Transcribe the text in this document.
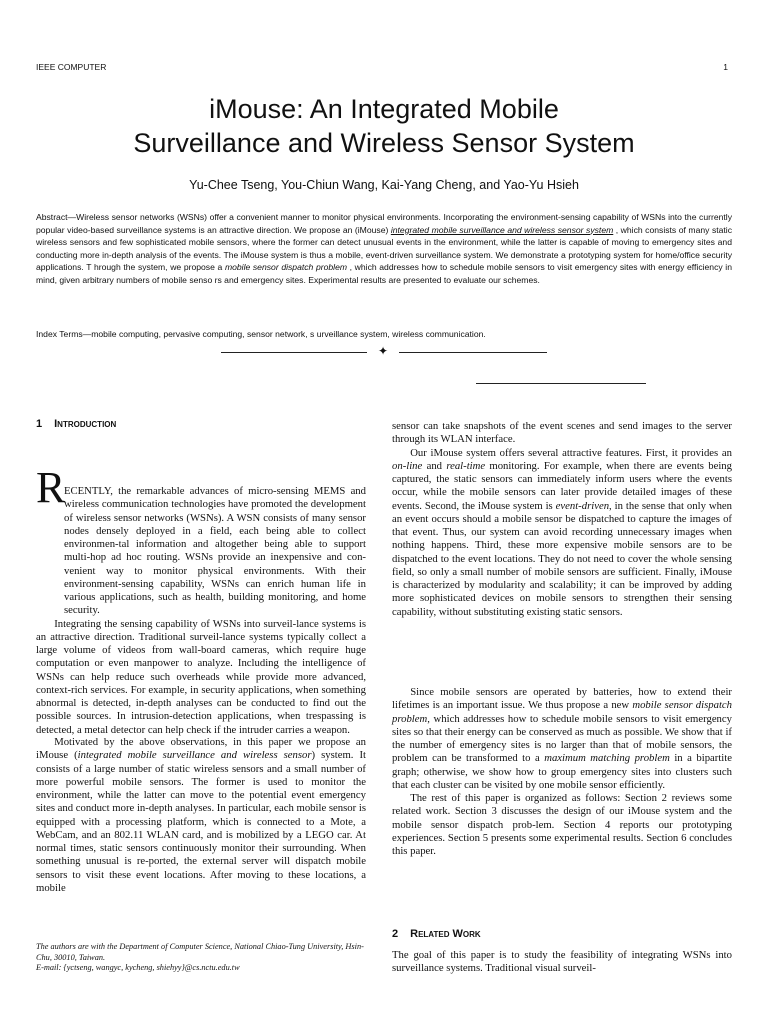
IEEE COMPUTER	1
iMouse: An Integrated Mobile
Surveillance and Wireless Sensor System
Yu-Chee Tseng, You-Chiun Wang, Kai-Yang Cheng, and Yao-Yu Hsieh
Abstract—Wireless sensor networks (WSNs) offer a convenient manner to monitor physical environments. Incorporating the environment-sensing capability of WSNs into the currently popular video-based surveillance systems is an attractive direction. We propose an (iMouse) integrated mobile surveillance and wireless sensor system , which consists of many static wireless sensors and few sophisticated mobile sensors, where the former can detect unusual events in the environment, while the latter is capable of moving to emergency sites and conducting more in-depth analysis of the events. The iMouse system is thus a mobile, event-driven surveillance system. We demonstrate a prototyping system for home/office security applications. T hrough the system, we propose a mobile sensor dispatch problem , which addresses how to schedule mobile sensors to visit emergency sites with energy efficiency in mind, given arbitrary numbers of mobile senso rs and emergency sites. Experimental results are presented to evaluate our schemes.
Index Terms—mobile computing, pervasive computing, sensor network, s urveillance system, wireless communication.
✦
1 Introduction
R

ECENTLY, the remarkable advances of micro-sensing MEMS and wireless communication technologies have promoted the development of wireless sensor networks (WSNs). A WSN consists of many sensor nodes densely deployed in a field, each being able to collect environmen-tal information and altogether being able to support multi-hop ad hoc routing. WSNs provide an inexpensive and con-venient way to monitor physical environments. With their environment-sensing capability, WSNs can enrich human life in various applications, such as health, building monitoring, and home security.

Integrating the sensing capability of WSNs into surveil-lance systems is an attractive direction. Traditional surveil-lance systems typically collect a large volume of videos from wall-board cameras, which require huge computation or even manpower to analyze. Including the intelligence of WSNs can help reduce such overheads while provide more advanced, context-rich services. For example, in security applications, when something abnormal is detected, in-depth analyses can be conducted to find out the possible sources. In intrusion-detection applications, when trespassing is detected, a metal detector can help check if the intruder carries a weapon.

Motivated by the above observations, in this paper we propose an iMouse (integrated mobile surveillance and wireless sensor) system. It consists of a large number of static wireless sensors and a small number of more powerful mobile sensors. The former is used to monitor the environment, while the latter can move to the potential event emergency sites and conduct more in-depth analyses. In particular, each mobile sensor is equipped with a processing platform, which is connected to a Mote, a WebCam, and an 802.11 WLAN card, and is mobilized by a LEGO car. At normal times, static sensors continuously monitor their surrounding. When something unusual is re-ported, the external server will dispatch mobile sensors to visit these event locations. After moving to these locations, a mobile

The authors are with the Department of Computer Science, National Chiao-Tung University, Hsin-Chu, 30010, Taiwan.
E-mail: {yctseng, wangyc, kycheng, shiehyy}@cs.nctu.edu.tw

sensor can take snapshots of the event scenes and send images to the server through its WLAN interface.

Our iMouse system offers several attractive features. First, it provides an on-line and real-time monitoring. For example, when there are events being captured, the static sensors can immediately inform users where the events occur, while the mobile sensors can later provide detailed images of these events. Second, the iMouse system is event-driven, in the sense that only when an event occurs should a mobile sensor be dispatched to capture the images of that event. Thus, our system can avoid recording unnecessary images when nothing happens. Third, these more expensive mobile sensors are to be dispatched to the event locations. They do not need to cover the whole sensing field, so only a small number of mobile sensors are sufficient. Finally, iMouse is characterized by modularity and scalability; it can be improved by adding more sophisticated devices on mobile sensors to strengthen their sensing capability, without substituting existing static sensors.

Since mobile sensors are operated by batteries, how to extend their lifetimes is an important issue. We thus propose a new mobile sensor dispatch problem, which addresses how to schedule mobile sensors to visit emergency sites so that their energy can be conserved as much as possible. We show that if the number of emergency sites is no larger than that of mobile sensors, the problem can be transformed to a maximum matching problem in a bipartite graph; otherwise, we show how to group emergency sites into clusters such that each cluster can be visited by one mobile sensor efficiently.

The rest of this paper is organized as follows: Section 2 reviews some related work. Section 3 discusses the design of our iMouse system and the mobile sensor dispatch prob-lem. Section 4 reports our prototyping experiences. Section 5 presents some experimental results. Section 6 concludes this paper.

2 Related Work

The goal of this paper is to study the feasibility of integrating WSNs into surveillance systems. Traditional visual surveil-
